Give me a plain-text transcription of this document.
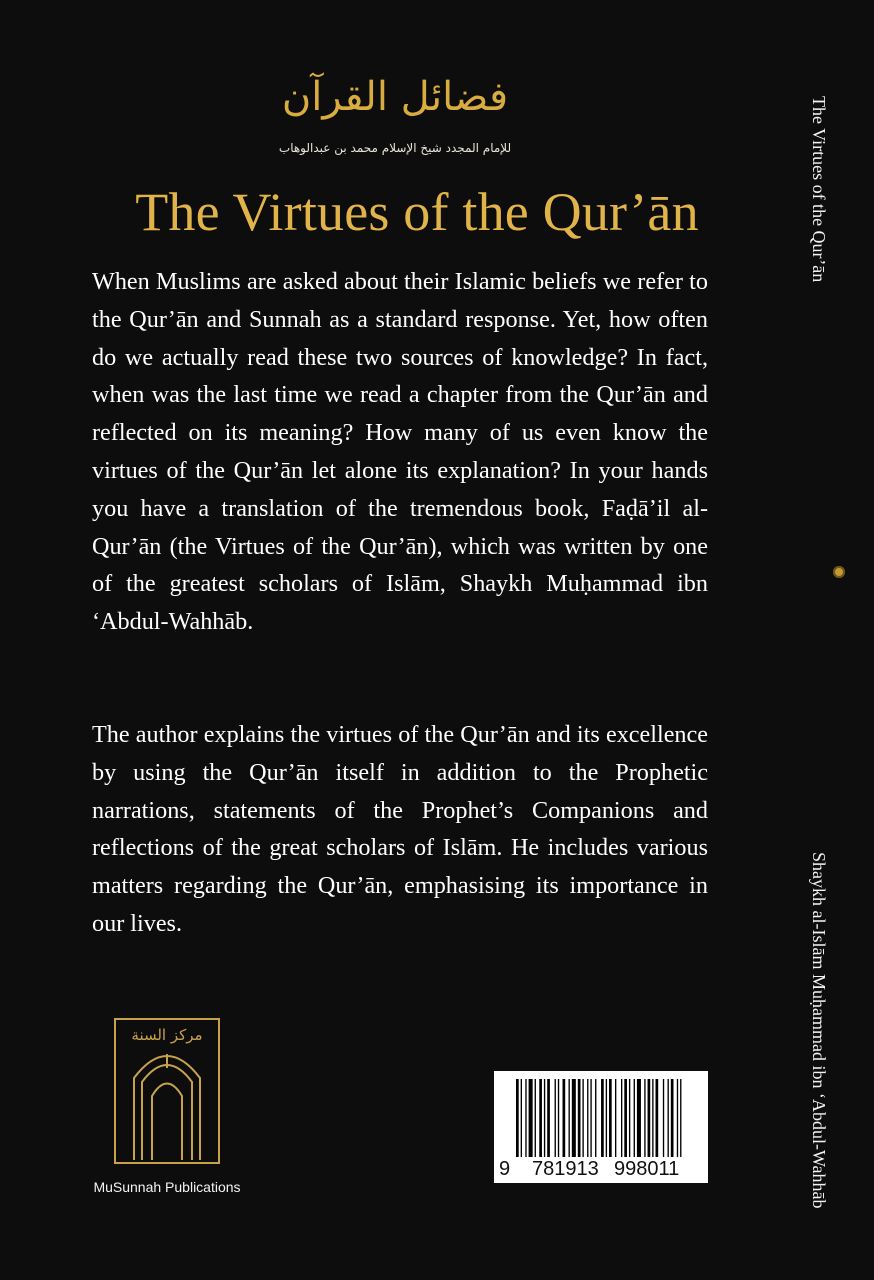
فضائل القرآن
للإمام المجدد شيخ الإسلام محمد بن عبدالوهاب
The Virtues of the Qur’ān
When Muslims are asked about their Islamic beliefs we refer to the Qur’ān and Sunnah as a standard response. Yet, how often do we actually read these two sources of knowledge? In fact, when was the last time we read a chapter from the Qur’ān and reflected on its meaning? How many of us even know the virtues of the Qur’ān let alone its explanation? In your hands you have a translation of the tremendous book, Faḍā’il al-Qur’ān (the Virtues of the Qur’ān), which was written by one of the greatest scholars of Islām, Shaykh Muḥammad ibn ‘Abdul-Wahhāb.
The author explains the virtues of the Qur’ān and its excellence by using the Qur’ān itself in addition to the Prophetic narrations, statements of the Prophet’s Companions and reflections of the great scholars of Islām. He includes various matters regarding the Qur’ān, emphasising its importance in our lives.
The Virtues of the Qur’ān
Shaykh al-Islām Muḥammad ibn ‘Abdul-Wahhāb
مركز السنة
MuSunnah Publications
9 781913 998011
